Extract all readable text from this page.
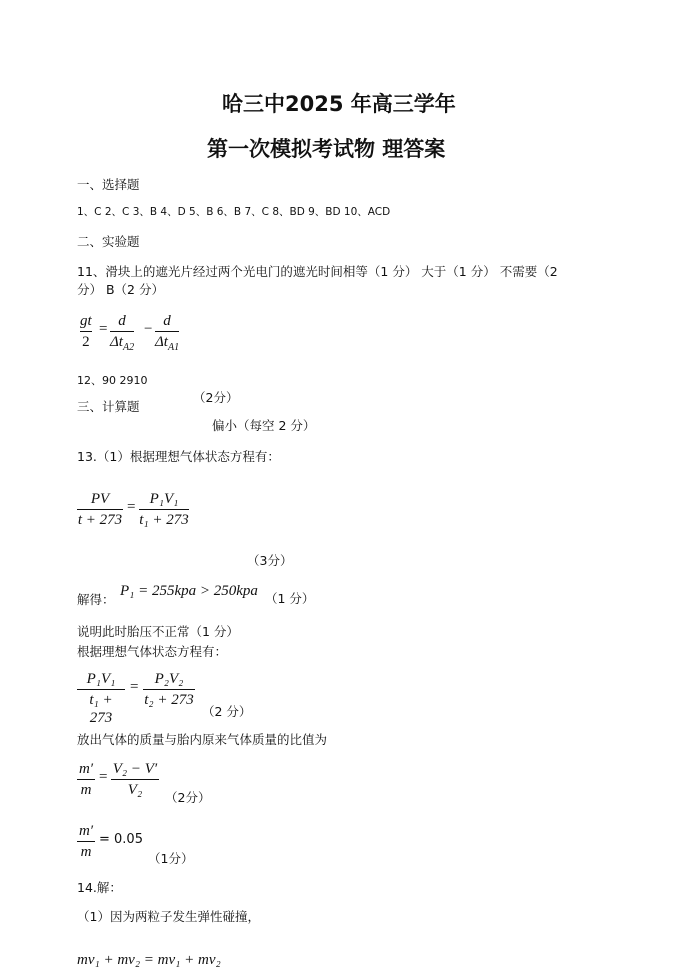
哈三中2025 年高三学年
第一次模拟考试物 理答案
一、选择题
1、C 2、C 3、B 4、D 5、B 6、B 7、C 8、BD 9、BD 10、ACD
二、实验题
11、滑块上的遮光片经过两个光电门的遮光时间相等（1 分） 大于（1 分） 不需要（2
分） B（2 分）
gt
2
= d
$\Delta t_{A2}$
− d
$\Delta t_{A1}$
12、90 2910
（2分）
三、计算题
偏小（每空 2 分）
13.（1）根据理想气体状态方程有：
PV
t + 273
= P₁V₁
t₁ + 273
（3分）
解得：
P₁ = 255kpa > 250kpa （1 分）
说明此时胎压不正常（1 分）
根据理想气体状态方程有：
P₁V₁
t₁ + 273
=	P₂V₂
t₂ + 273
（2 分）
放出气体的质量与胎内原来气体质量的比值为
m′
m
= V₂ − V′
V₂	（2分）
m′
m
= 0.05
（1分）
14.解：
（1）因为两粒子发生弹性碰撞，
mv₁ + mv₂ = mv₁ + mv₂
